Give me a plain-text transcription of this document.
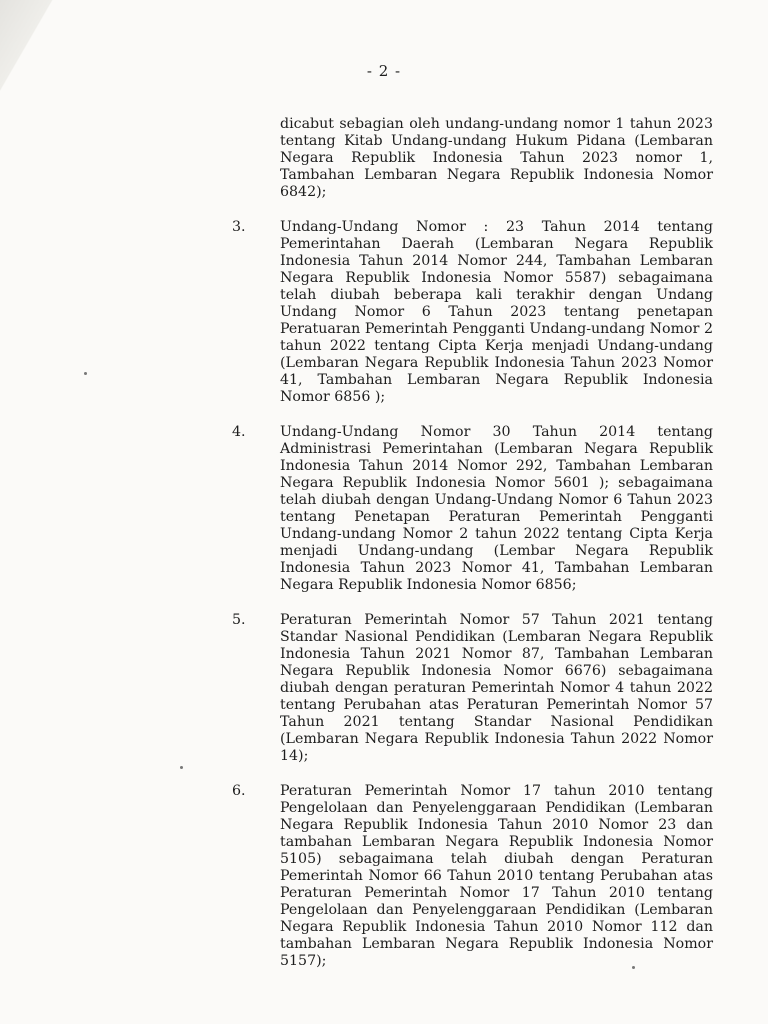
- 2 -

dicabut sebagian oleh undang-undang nomor 1 tahun 2023 tentang Kitab Undang-undang Hukum Pidana (Lembaran Negara Republik Indonesia Tahun 2023 nomor 1, Tambahan Lembaran Negara Republik Indonesia Nomor 6842);

3.	Undang-Undang Nomor : 23 Tahun 2014 tentang Pemerintahan Daerah (Lembaran Negara Republik Indonesia Tahun 2014 Nomor 244, Tambahan Lembaran Negara Republik Indonesia Nomor 5587) sebagaimana telah diubah beberapa kali terakhir dengan Undang Undang Nomor 6 Tahun 2023 tentang penetapan Peratuaran Pemerintah Pengganti Undang-undang Nomor 2 tahun 2022 tentang Cipta Kerja menjadi Undang-undang (Lembaran Negara Republik Indonesia Tahun 2023 Nomor 41, Tambahan Lembaran Negara Republik Indonesia Nomor 6856 );
4.	Undang-Undang Nomor 30 Tahun 2014 tentang Administrasi Pemerintahan (Lembaran Negara Republik Indonesia Tahun 2014 Nomor 292, Tambahan Lembaran Negara Republik Indonesia Nomor 5601 ); sebagaimana telah diubah dengan Undang-Undang Nomor 6 Tahun 2023 tentang Penetapan Peraturan Pemerintah Pengganti Undang-undang Nomor 2 tahun 2022 tentang Cipta Kerja menjadi Undang-undang (Lembar Negara Republik Indonesia Tahun 2023 Nomor 41, Tambahan Lembaran Negara Republik Indonesia Nomor 6856;
5.	Peraturan Pemerintah Nomor 57 Tahun 2021 tentang Standar Nasional Pendidikan (Lembaran Negara Republik Indonesia Tahun 2021 Nomor 87, Tambahan Lembaran Negara Republik Indonesia Nomor 6676) sebagaimana diubah dengan peraturan Pemerintah Nomor 4 tahun 2022 tentang Perubahan atas Peraturan Pemerintah Nomor 57 Tahun 2021 tentang Standar Nasional Pendidikan (Lembaran Negara Republik Indonesia Tahun 2022 Nomor 14);
6.	Peraturan Pemerintah Nomor 17 tahun 2010 tentang Pengelolaan dan Penyelenggaraan Pendidikan (Lembaran Negara Republik Indonesia Tahun 2010 Nomor 23 dan tambahan Lembaran Negara Republik Indonesia Nomor 5105) sebagaimana telah diubah dengan Peraturan Pemerintah Nomor 66 Tahun 2010 tentang Perubahan atas Peraturan Pemerintah Nomor 17 Tahun 2010 tentang Pengelolaan dan Penyelenggaraan Pendidikan (Lembaran Negara Republik Indonesia Tahun 2010 Nomor 112 dan tambahan Lembaran Negara Republik Indonesia Nomor 5157);
